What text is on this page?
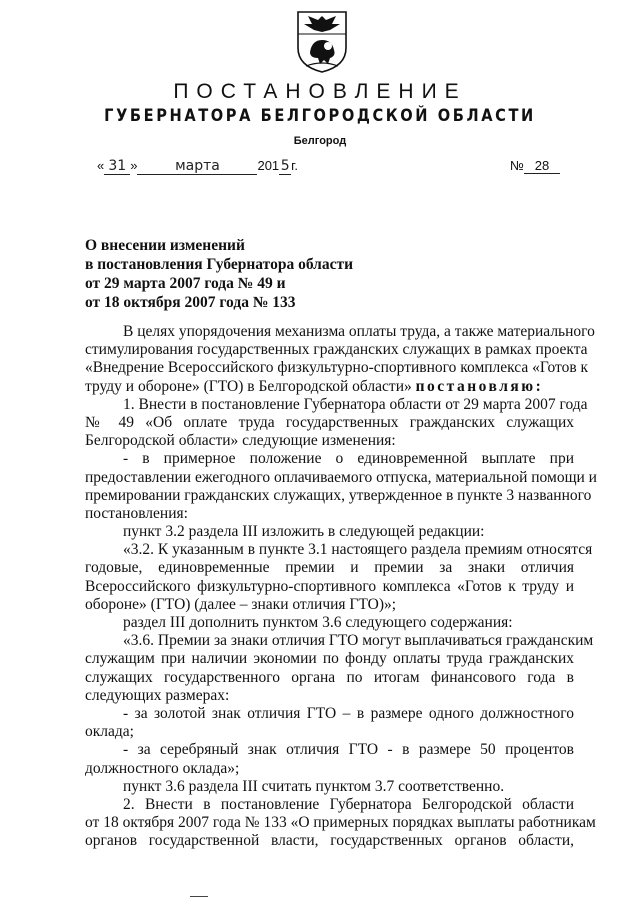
ПОСТАНОВЛЕНИЕ
ГУБЕРНАТОРА БЕЛГОРОДСКОЙ ОБЛАСТИ
Белгород
« 31 »	марта	201 5 г.	№ 28
О внесении изменений
в постановления Губернатора области
от 29 марта 2007 года № 49 и
от 18 октября 2007 года № 133
В целях упорядочения механизма оплаты труда, а также материального
стимулирования государственных гражданских служащих в рамках проекта
«Внедрение Всероссийского физкультурно-спортивного комплекса «Готов к
труду и обороне» (ГТО) в Белгородской области» постановляю:
1. Внести в постановление Губернатора области от 29 марта 2007 года
№ 49 «Об оплате труда государственных гражданских служащих
Белгородской области» следующие изменения:
- в примерное положение о единовременной выплате при
предоставлении ежегодного оплачиваемого отпуска, материальной помощи и
премировании гражданских служащих, утвержденное в пункте 3 названного
постановления:
пункт 3.2 раздела III изложить в следующей редакции:
«3.2. К указанным в пункте 3.1 настоящего раздела премиям относятся
годовые, единовременные премии и премии за знаки отличия
Всероссийского физкультурно-спортивного комплекса «Готов к труду и
обороне» (ГТО) (далее – знаки отличия ГТО)»;
раздел III дополнить пунктом 3.6 следующего содержания:
«3.6. Премии за знаки отличия ГТО могут выплачиваться гражданским
служащим при наличии экономии по фонду оплаты труда гражданских
служащих государственного органа по итогам финансового года в
следующих размерах:
- за золотой знак отличия ГТО – в размере одного должностного
оклада;
- за серебряный знак отличия ГТО - в размере 50 процентов
должностного оклада»;
пункт 3.6 раздела III считать пунктом 3.7 соответственно.
2. Внести в постановление Губернатора Белгородской области
от 18 октября 2007 года № 133 «О примерных порядках выплаты работникам
органов государственной власти, государственных органов области,
